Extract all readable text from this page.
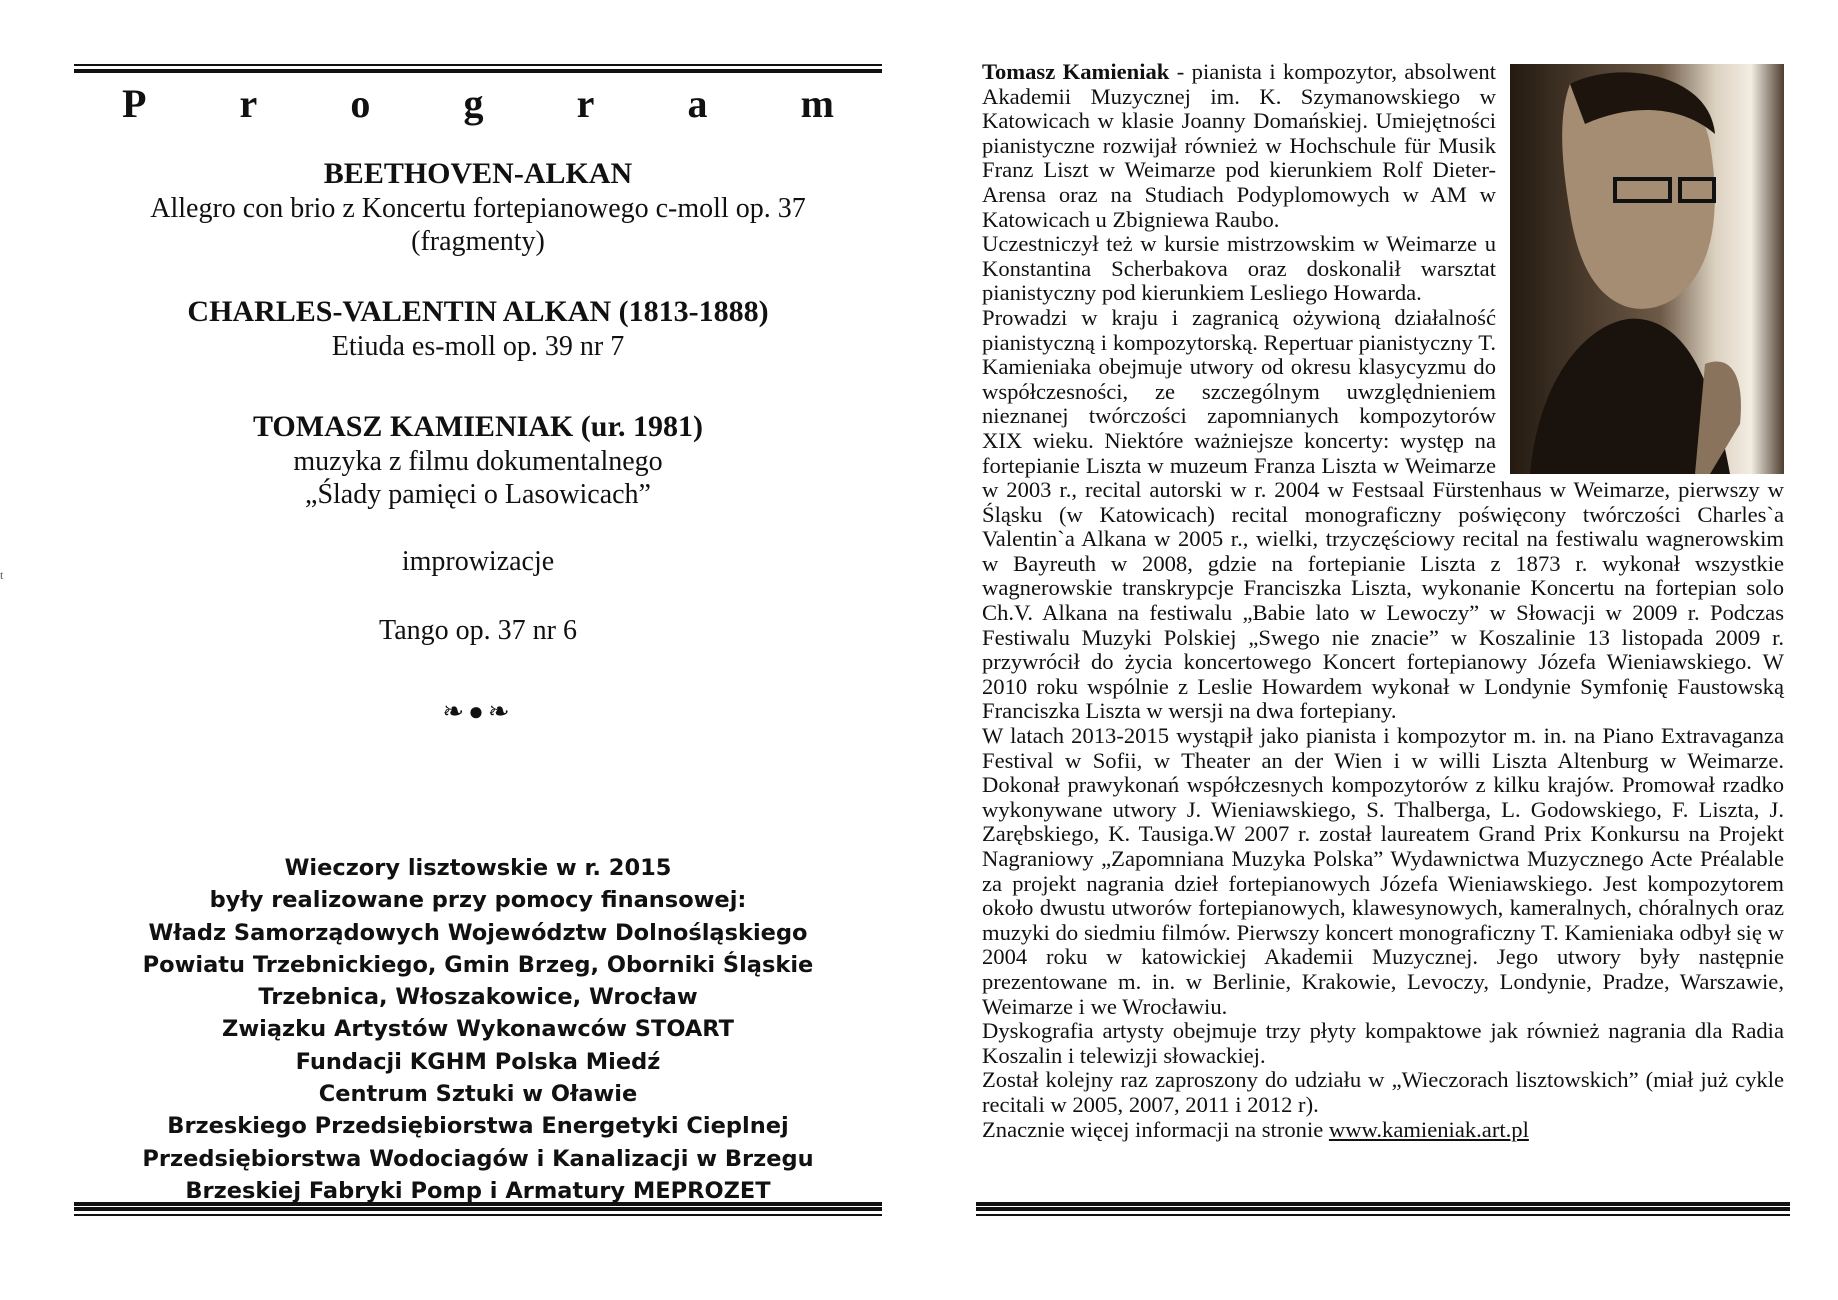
t
P r o g r a m
BEETHOVEN-ALKAN
Allegro con brio z Koncertu fortepianowego c-moll op. 37
(fragmenty)
CHARLES-VALENTIN ALKAN (1813-1888)
Etiuda es-moll op. 39 nr 7
TOMASZ KAMIENIAK (ur. 1981)
muzyka z filmu dokumentalnego
„Ślady pamięci o Lasowicach”
improwizacje
Tango op. 37 nr 6
❧●❧
Wieczory lisztowskie w r. 2015
były realizowane przy pomocy finansowej:
Władz Samorządowych Województw Dolnośląskiego
Powiatu Trzebnickiego, Gmin Brzeg, Oborniki Śląskie
Trzebnica, Włoszakowice, Wrocław
Związku Artystów Wykonawców STOART
Fundacji KGHM Polska Miedź
Centrum Sztuki w Oławie
Brzeskiego Przedsiębiorstwa Energetyki Cieplnej
Przedsiębiorstwa Wodociagów i Kanalizacji w Brzegu
Brzeskiej Fabryki Pomp i Armatury MEPROZET

Tomasz Kamieniak - pianista i kompozytor, absolwent Akademii Muzycznej im. K. Szymanowskiego w Katowicach w klasie Joanny Domańskiej. Umiejętności pianistyczne rozwijał również w Hochschule für Musik Franz Liszt w Weimarze pod kierunkiem Rolf Dieter-Arensa oraz na Studiach Podyplomowych w AM w Katowicach u Zbigniewa Raubo.

Uczestniczył też w kursie mistrzowskim w Weimarze u Konstantina Scherbakova oraz doskonalił warsztat pianistyczny pod kierunkiem Lesliego Howarda.

Prowadzi w kraju i zagranicą ożywioną działalność pianistyczną i kompozytorską. Repertuar pianistyczny T. Kamieniaka obejmuje utwory od okresu klasycyzmu do współczesności, ze szczególnym uwzględnieniem nieznanej twórczości zapomnianych kompozytorów XIX wieku. Niektóre ważniejsze koncerty: występ na fortepianie Liszta w muzeum Franza Liszta w Weimarze w 2003 r., recital autorski w r. 2004 w Festsaal Fürstenhaus w Weimarze, pierwszy w Śląsku (w Katowicach) recital monograficzny poświęcony twórczości Charles`a Valentin`a Alkana w 2005 r., wielki, trzyczęściowy recital na festiwalu wagnerowskim w Bayreuth w 2008, gdzie na fortepianie Liszta z 1873 r. wykonał wszystkie wagnerowskie transkrypcje Franciszka Liszta, wykonanie Koncertu na fortepian solo Ch.V. Alkana na festiwalu „Babie lato w Lewoczy” w Słowacji w 2009 r. Podczas Festiwalu Muzyki Polskiej „Swego nie znacie” w Koszalinie 13 listopada 2009 r. przywrócił do życia koncertowego Koncert fortepianowy Józefa Wieniawskiego. W 2010 roku wspólnie z Leslie Howardem wykonał w Londynie Symfonię Faustowską Franciszka Liszta w wersji na dwa fortepiany.

W latach 2013-2015 wystąpił jako pianista i kompozytor m. in. na Piano Extravaganza Festival w Sofii, w Theater an der Wien i w willi Liszta Altenburg w Weimarze. Dokonał prawykonań współczesnych kompozytorów z kilku krajów. Promował rzadko wykonywane utwory J. Wieniawskiego, S. Thalberga, L. Godowskiego, F. Liszta, J. Zarębskiego, K. Tausiga.W 2007 r. został laureatem Grand Prix Konkursu na Projekt Nagraniowy „Zapomniana Muzyka Polska” Wydawnictwa Muzycznego Acte Préalable za projekt nagrania dzieł fortepianowych Józefa Wieniawskiego. Jest kompozytorem około dwustu utworów fortepianowych, klawesynowych, kameralnych, chóralnych oraz muzyki do siedmiu filmów. Pierwszy koncert monograficzny T. Kamieniaka odbył się w 2004 roku w katowickiej Akademii Muzycznej. Jego utwory były następnie prezentowane m. in. w Berlinie, Krakowie, Levoczy, Londynie, Pradze, Warszawie, Weimarze i we Wrocławiu.

Dyskografia artysty obejmuje trzy płyty kompaktowe jak również nagrania dla Radia Koszalin i telewizji słowackiej.

Został kolejny raz zaproszony do udziału w „Wieczorach lisztowskich” (miał już cykle recitali w 2005, 2007, 2011 i 2012 r).

Znacznie więcej informacji na stronie www.kamieniak.art.pl
